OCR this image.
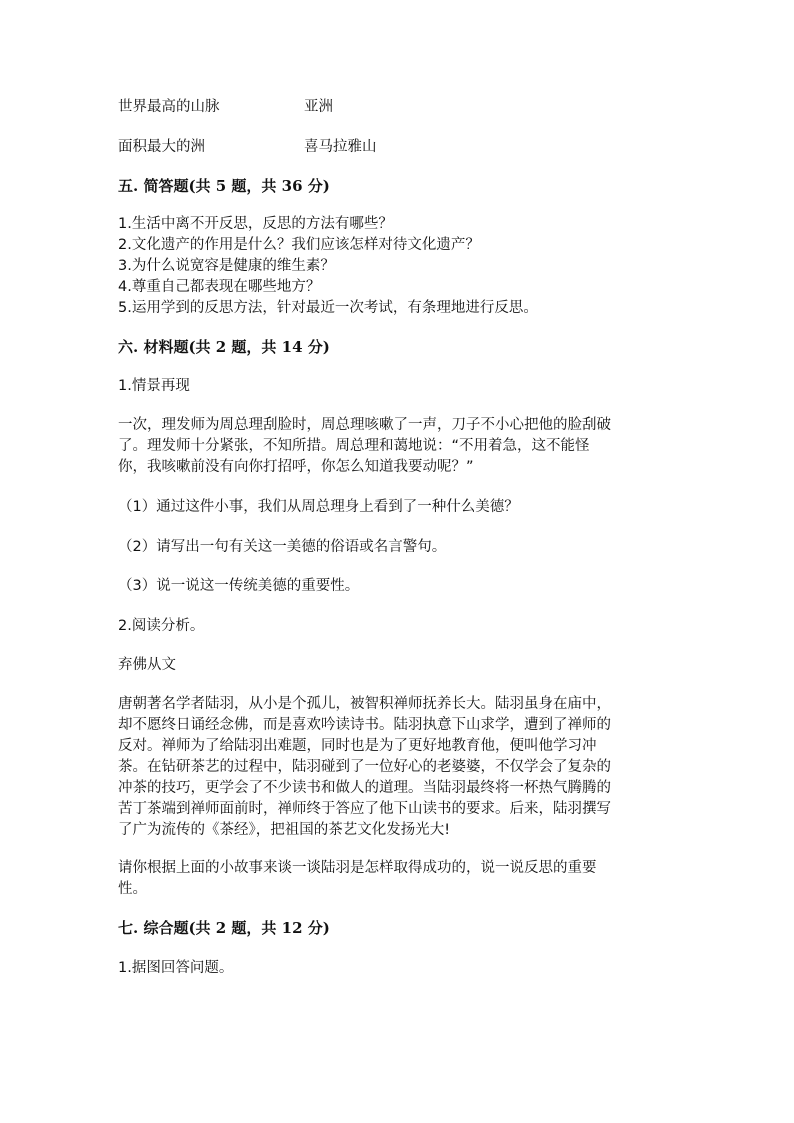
世界最高的山脉	亚洲
面积最大的洲	喜马拉雅山
五. 简答题(共 5 题，共 36 分)
1.生活中离不开反思，反思的方法有哪些？
2.文化遗产的作用是什么？我们应该怎样对待文化遗产？
3.为什么说宽容是健康的维生素？
4.尊重自己都表现在哪些地方？
5.运用学到的反思方法，针对最近一次考试，有条理地进行反思。
六. 材料题(共 2 题，共 14 分)
1.情景再现
一次，理发师为周总理刮脸时，周总理咳嗽了一声，刀子不小心把他的脸刮破
了。理发师十分紧张，不知所措。周总理和蔼地说：“不用着急，这不能怪
你，我咳嗽前没有向你打招呼，你怎么知道我要动呢？”
（1）通过这件小事，我们从周总理身上看到了一种什么美德？
（2）请写出一句有关这一美德的俗语或名言警句。
（3）说一说这一传统美德的重要性。
2.阅读分析。
弃佛从文
唐朝著名学者陆羽，从小是个孤儿，被智积禅师抚养长大。陆羽虽身在庙中，
却不愿终日诵经念佛，而是喜欢吟读诗书。陆羽执意下山求学，遭到了禅师的
反对。禅师为了给陆羽出难题，同时也是为了更好地教育他，便叫他学习冲
茶。在钻研茶艺的过程中，陆羽碰到了一位好心的老婆婆，不仅学会了复杂的
冲茶的技巧，更学会了不少读书和做人的道理。当陆羽最终将一杯热气腾腾的
苦丁茶端到禅师面前时，禅师终于答应了他下山读书的要求。后来，陆羽撰写
了广为流传的《茶经》，把祖国的茶艺文化发扬光大!
请你根据上面的小故事来谈一谈陆羽是怎样取得成功的，说一说反思的重要
性。
七. 综合题(共 2 题，共 12 分)
1.据图回答问题。
